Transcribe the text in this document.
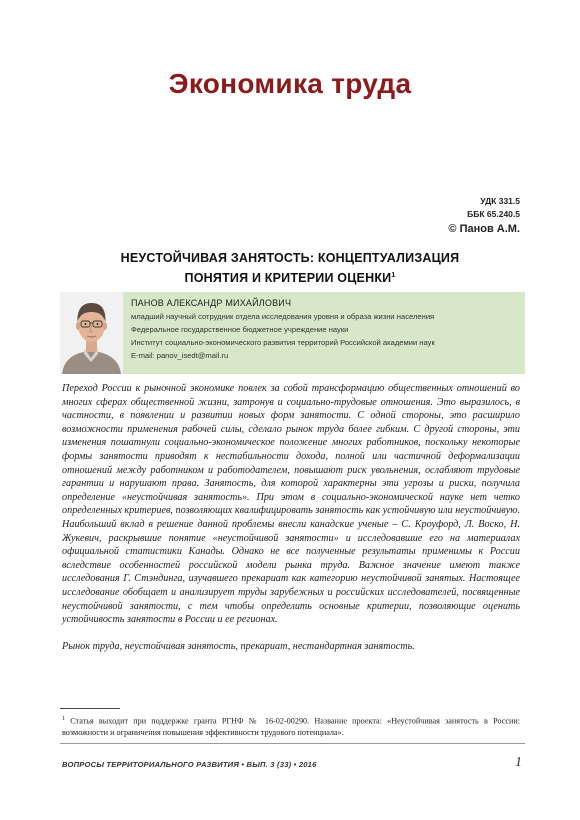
Экономика труда
УДК 331.5
ББК 65.240.5
© Панов А.М.
НЕУСТОЙЧИВАЯ ЗАНЯТОСТЬ: КОНЦЕПТУАЛИЗАЦИЯ
ПОНЯТИЯ И КРИТЕРИИ ОЦЕНКИ$^1$
ПАНОВ АЛЕКСАНДР МИХАЙЛОВИЧ
младший научный сотрудник отдела исследования уровня и образа жизни населения
Федеральное государственное бюджетное учреждение науки
Институт социально-экономического развития территорий Российской академии наук
E-mail: panov_isedt@mail.ru

Переход России к рыночной экономике повлек за собой трансформацию общественных отношений во многих сферах общественной жизни, затронув и социально-трудовые отношения. Это выразилось, в частности, в появлении и развитии новых форм занятости. С одной стороны, это расширило возможности применения рабочей силы, сделало рынок труда более гибким. С другой стороны, эти изменения пошатнули социально-экономическое положение многих работников, поскольку некоторые формы занятости приводят к нестабильности дохода, полной или частичной деформализации отношений между работником и работодателем, повышают риск увольнения, ослабляют трудовые гарантии и нарушают права. Занятость, для которой характерны эти угрозы и риски, получила определение «неустойчивая занятость». При этом в социально-экономической науке нет четко определенных критериев, позволяющих квалифицировать занятость как устойчивую или неустойчивую. Наибольший вклад в решение данной проблемы внесли канадские ученые – С. Кроуфорд, Л. Воско, Н. Жукевич, раскрывшие понятие «неустойчивой занятости» и исследовавшие его на материалах официальной статистики Канады. Однако не все полученные результаты применимы к России вследствие особенностей российской модели рынка труда. Важное значение имеют также исследования Г. Стэндинга, изучавшего прекариат как категорию неустойчивой занятых. Настоящее исследование обобщает и анализирует труды зарубежных и российских исследователей, посвященные неустойчивой занятости, с тем чтобы определить основные критерии, позволяющие оценить устойчивость занятости в России и ее регионах.

Рынок труда, неустойчивая занятость, прекариат, нестандартная занятость.
$^1$ Статья выходит при поддержке гранта РГНФ № 16-02-00290. Название проекта: «Неустойчивая занятость в России: возможности и ограничения повышения эффективности трудового потенциала».
ВОПРОСЫ ТЕРРИТОРИАЛЬНОГО РАЗВИТИЯ • ВЫП. 3 (33) • 2016	1
